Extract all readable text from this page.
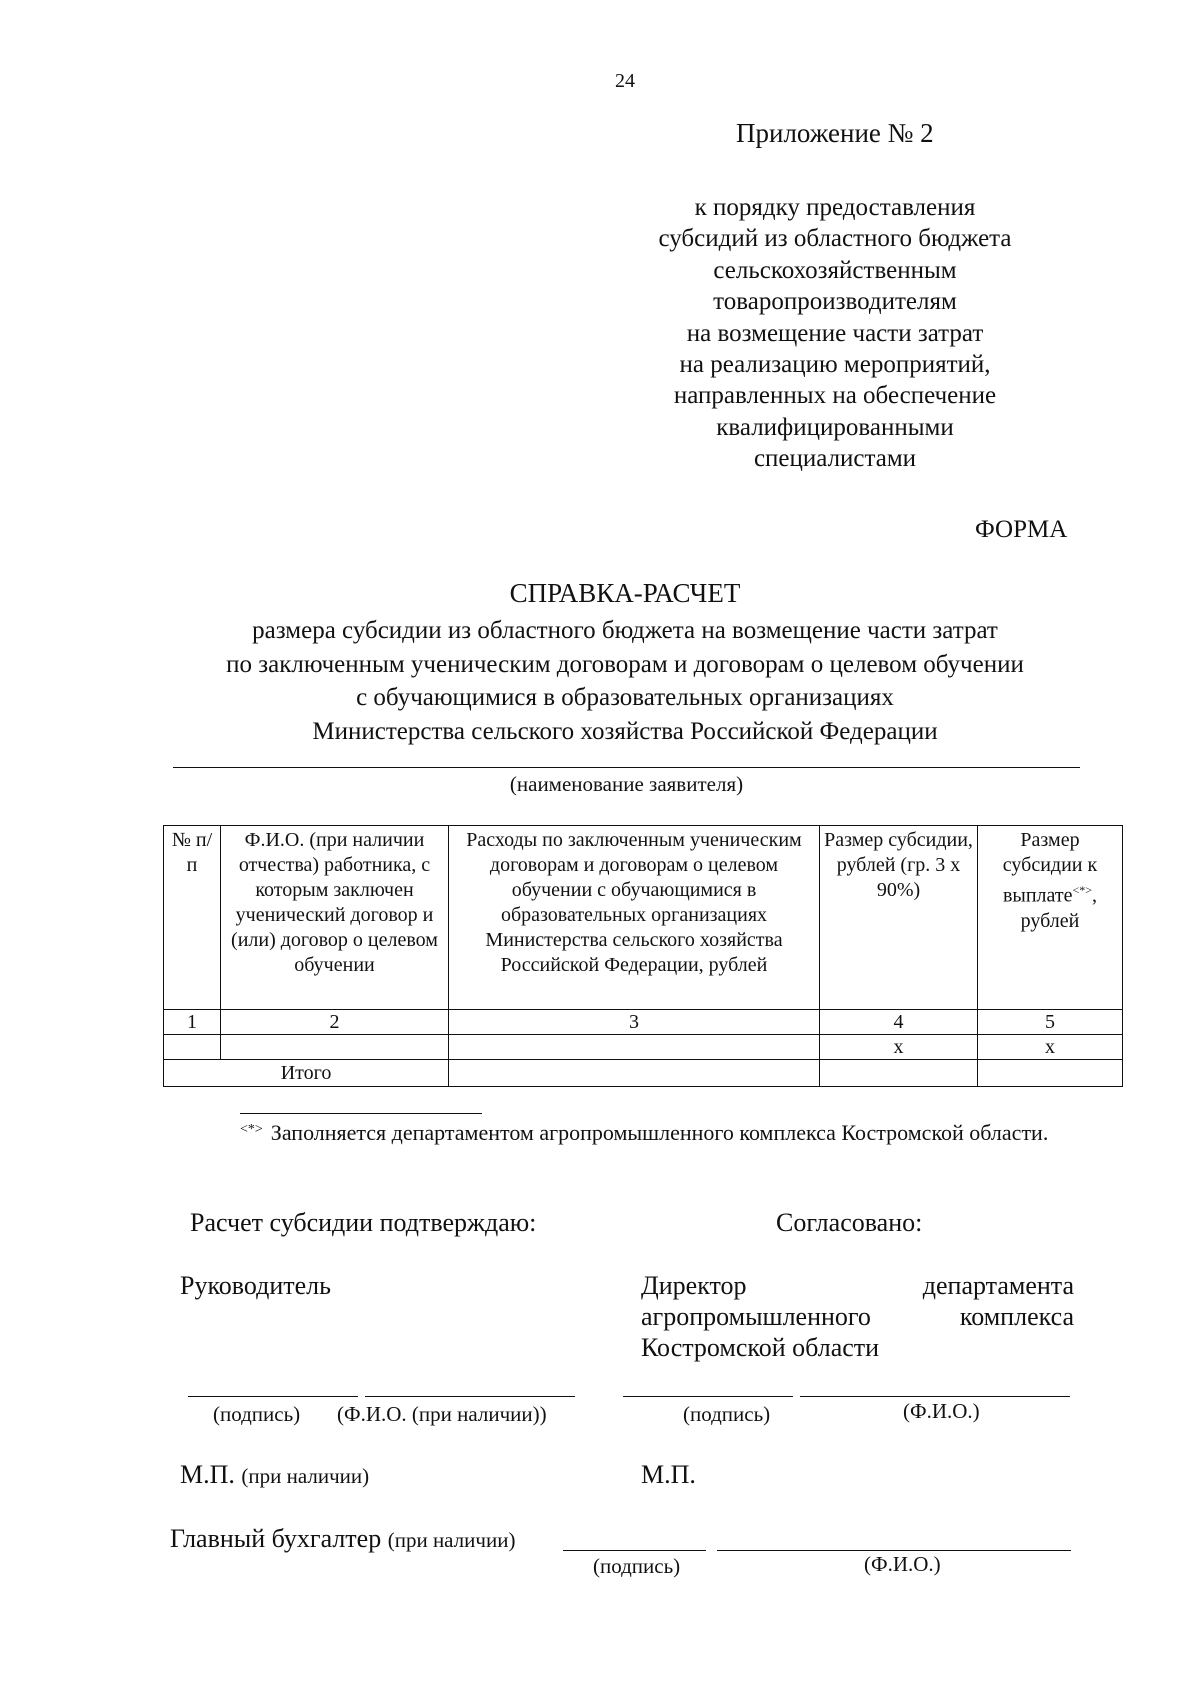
24
Приложение № 2
к порядку предоставления
субсидий из областного бюджета
сельскохозяйственным
товаропроизводителям
на возмещение части затрат
на реализацию мероприятий,
направленных на обеспечение
квалифицированными
специалистами
ФОРМА
СПРАВКА-РАСЧЕТ
размера субсидии из областного бюджета на возмещение части затрат
по заключенным ученическим договорам и договорам о целевом обучении
с обучающимися в образовательных организациях
Министерства сельского хозяйства Российской Федерации
(наименование заявителя)
№ п/п	Ф.И.О. (при наличии отчества) работника, с которым заключен ученический договор и (или) договор о целевом обучении	Расходы по заключенным ученическим договорам и договорам о целевом обучении с обучающимися в образовательных организациях Министерства сельского хозяйства Российской Федерации, рублей	Размер субсидии, рублей (гр. 3 х 90%)	Размер субсидии к выплате<*>, рублей
1	2	3	4	5
			х	х
Итого				
<*> Заполняется департаментом агропромышленного комплекса Костромской области.
Расчет субсидии подтверждаю:
Руководитель
(подпись) (Ф.И.О. (при наличии))
М.П. (при наличии)
Согласовано:
Директор	департамента
агропромышленного	комплекса
Костромской области
(подпись)	(Ф.И.О.)
М.П.
Главный бухгалтер (при наличии)
(подпись)	(Ф.И.О.)
